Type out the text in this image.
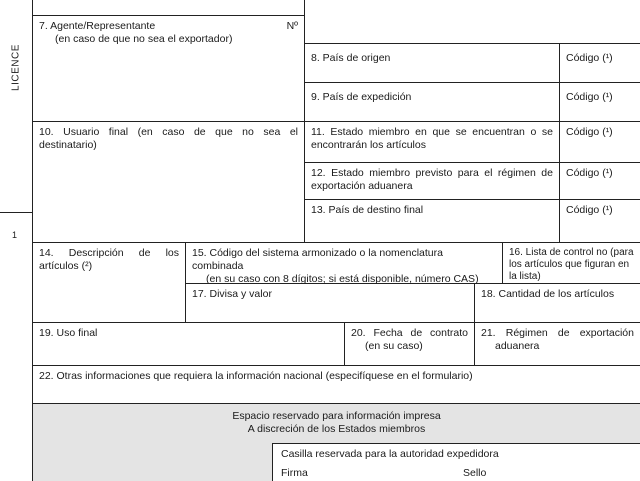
LICENCE
1
7. Agente/Representante
(en caso de que no sea el exportador)
Nº
8. País de origen	Código (¹)
9. País de expedición	Código (¹)
10. Usuario final (en caso de que no sea el destinatario)
11. Estado miembro en que se encuentran o se encontrarán los artículos
Código (¹)
12. Estado miembro previsto para el régimen de exportación aduanera
Código (¹)
13. País de destino final	Código (¹)
14. Descripción de los artículos (²)
15. Código del sistema armonizado o la nomenclatura combinada
(en su caso con 8 dígitos; si está disponible, número CAS)
16. Lista de control no (para los artículos que figuran en la lista)
17. Divisa y valor	18. Cantidad de los artículos
19. Uso final	20. Fecha de contrato
(en su caso)
21. Régimen de exportación
aduanera
22. Otras informaciones que requiera la información nacional (especifíquese en el formulario)
Espacio reservado para información impresa
A discreción de los Estados miembros
Casilla reservada para la autoridad expedidora
Firma	Sello
